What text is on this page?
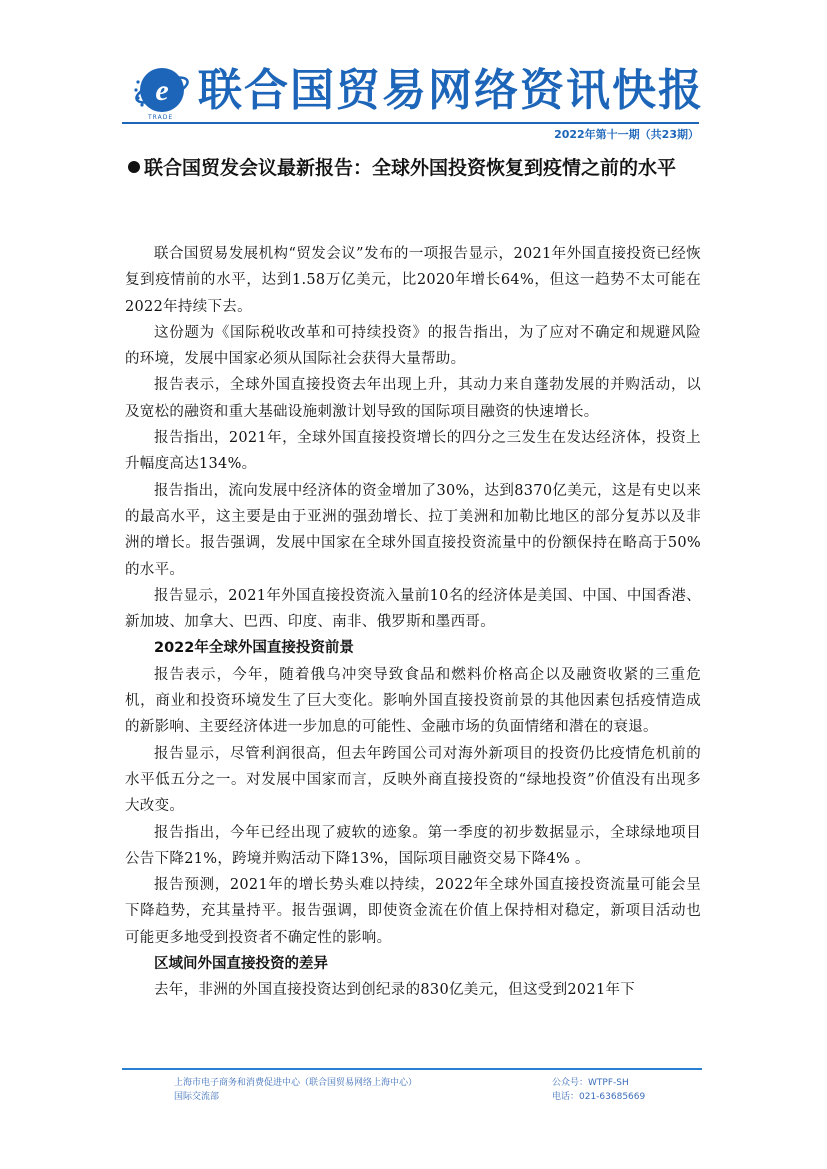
e
TRADE
联合国贸易网络资讯快报
2022年第十一期（共23期）
联合国贸发会议最新报告：全球外国投资恢复到疫情之前的水平

联合国贸易发展机构“贸发会议”发布的一项报告显示，2021年外国直接投资已经恢复到疫情前的水平，达到1.58万亿美元，比2020年增长64%，但这一趋势不太可能在2022年持续下去。

这份题为《国际税收改革和可持续投资》的报告指出，为了应对不确定和规避风险的环境，发展中国家必须从国际社会获得大量帮助。

报告表示，全球外国直接投资去年出现上升，其动力来自蓬勃发展的并购活动，以及宽松的融资和重大基础设施刺激计划导致的国际项目融资的快速增长。

报告指出，2021年，全球外国直接投资增长的四分之三发生在发达经济体，投资上升幅度高达134%。

报告指出，流向发展中经济体的资金增加了30%，达到8370亿美元，这是有史以来的最高水平，这主要是由于亚洲的强劲增长、拉丁美洲和加勒比地区的部分复苏以及非洲的增长。报告强调，发展中国家在全球外国直接投资流量中的份额保持在略高于50%的水平。

报告显示，2021年外国直接投资流入量前10名的经济体是美国、中国、中国香港、新加坡、加拿大、巴西、印度、南非、俄罗斯和墨西哥。

2022年全球外国直接投资前景

报告表示，今年，随着俄乌冲突导致食品和燃料价格高企以及融资收紧的三重危机，商业和投资环境发生了巨大变化。影响外国直接投资前景的其他因素包括疫情造成的新影响、主要经济体进一步加息的可能性、金融市场的负面情绪和潜在的衰退。

报告显示，尽管利润很高，但去年跨国公司对海外新项目的投资仍比疫情危机前的水平低五分之一。对发展中国家而言，反映外商直接投资的“绿地投资”价值没有出现多大改变。

报告指出，今年已经出现了疲软的迹象。第一季度的初步数据显示，全球绿地项目公告下降21%，跨境并购活动下降13%，国际项目融资交易下降4% 。

报告预测，2021年的增长势头难以持续，2022年全球外国直接投资流量可能会呈下降趋势，充其量持平。报告强调，即使资金流在价值上保持相对稳定，新项目活动也可能更多地受到投资者不确定性的影响。

区域间外国直接投资的差异

去年，非洲的外国直接投资达到创纪录的830亿美元，但这受到2021年下

上海市电子商务和消费促进中心（联合国贸易网络上海中心）
国际交流部
公众号：WTPF-SH
电话：021-63685669
